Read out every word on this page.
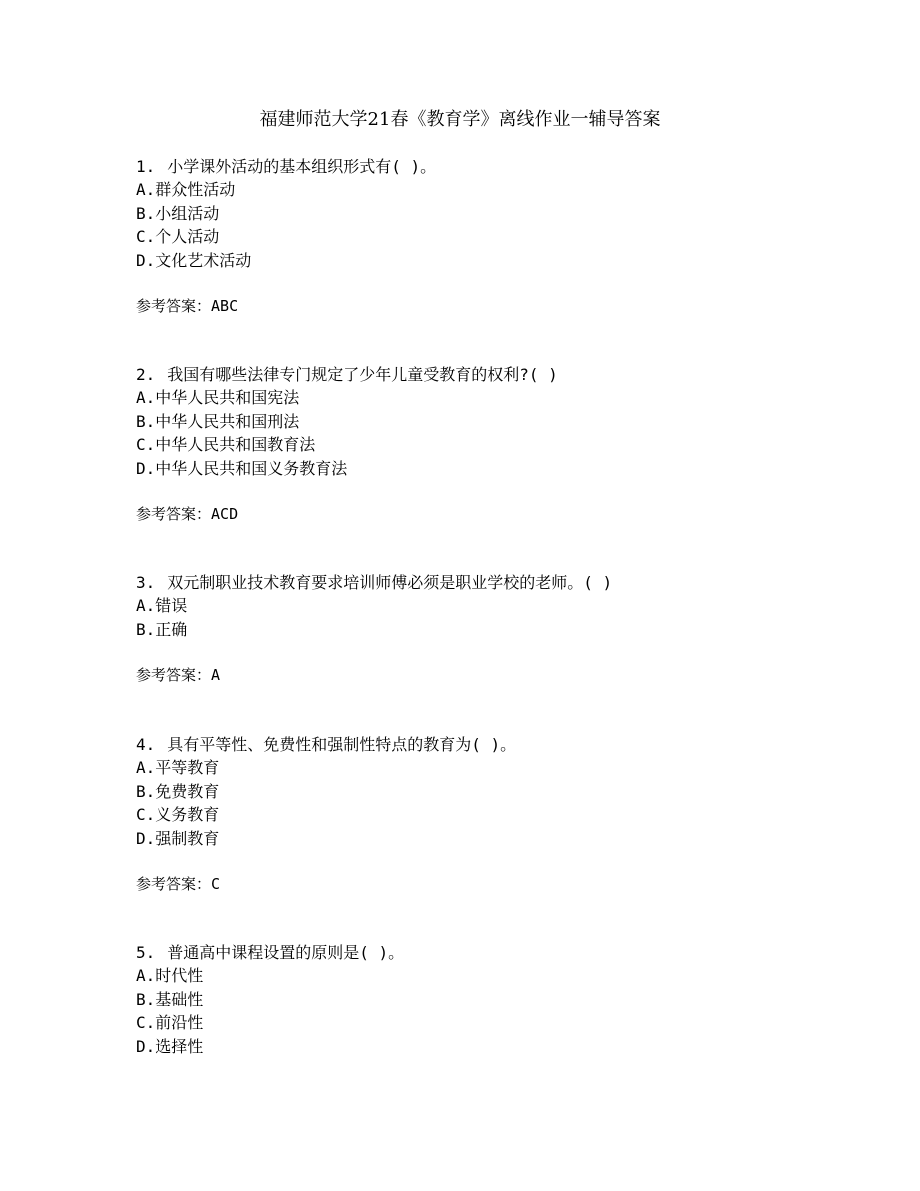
福建师范大学21春《教育学》离线作业一辅导答案
1. 小学课外活动的基本组织形式有( )。
A.群众性活动
B.小组活动
C.个人活动
D.文化艺术活动
参考答案：ABC
2. 我国有哪些法律专门规定了少年儿童受教育的权利?( )
A.中华人民共和国宪法
B.中华人民共和国刑法
C.中华人民共和国教育法
D.中华人民共和国义务教育法
参考答案：ACD
3. 双元制职业技术教育要求培训师傅必须是职业学校的老师。( )
A.错误
B.正确
参考答案：A
4. 具有平等性、免费性和强制性特点的教育为( )。
A.平等教育
B.免费教育
C.义务教育
D.强制教育
参考答案：C
5. 普通高中课程设置的原则是( )。
A.时代性
B.基础性
C.前沿性
D.选择性
